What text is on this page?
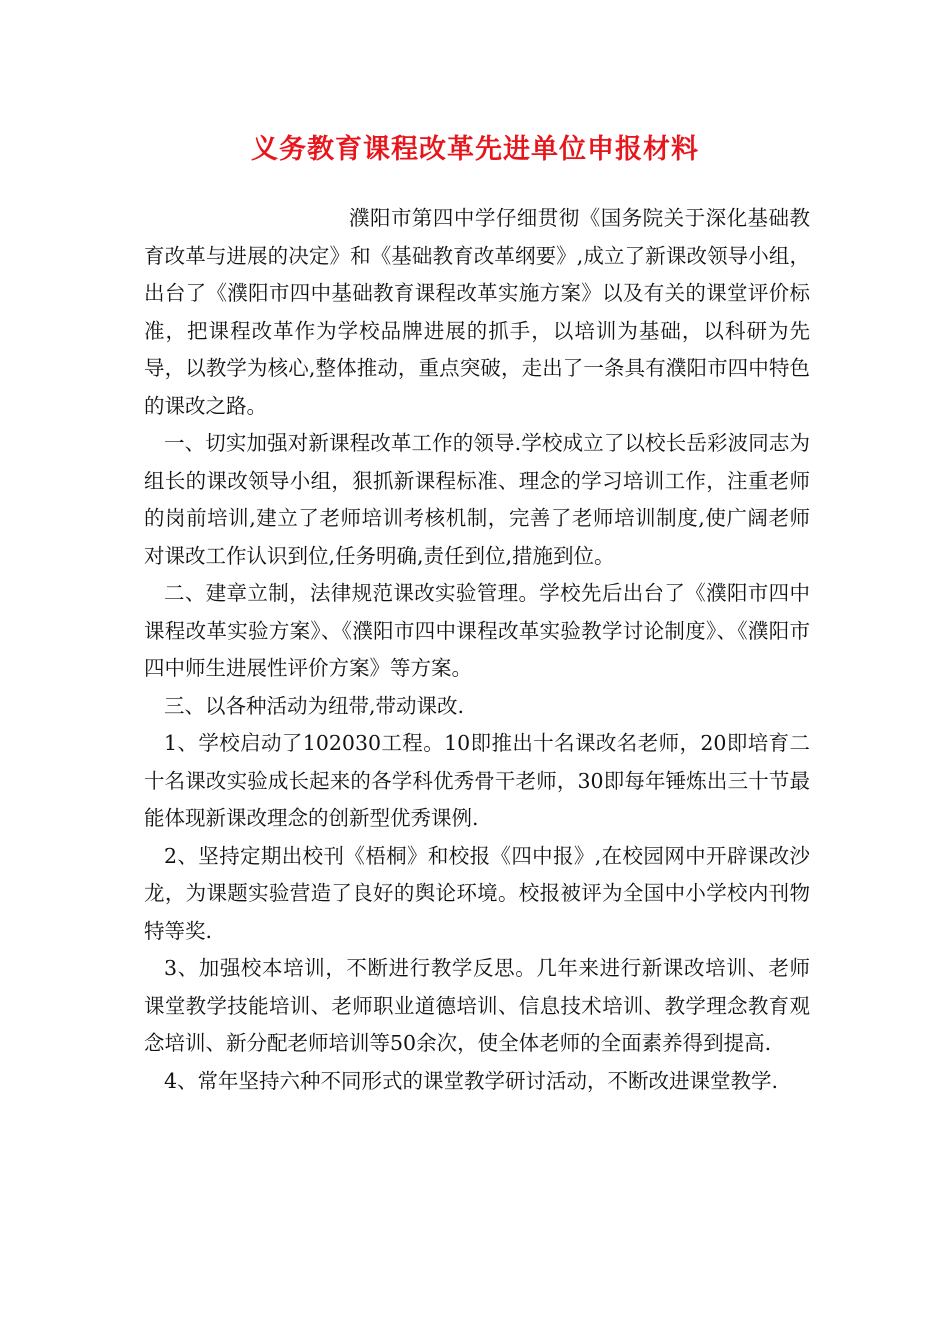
义务教育课程改革先进单位申报材料

濮阳市第四中学仔细贯彻《国务院关于深化基础教育改革与进展的决定》和《基础教育改革纲要》,成立了新课改领导小组，出台了《濮阳市四中基础教育课程改革实施方案》以及有关的课堂评价标准，把课程改革作为学校品牌进展的抓手，以培训为基础，以科研为先导，以教学为核心,整体推动，重点突破，走出了一条具有濮阳市四中特色的课改之路。

一、切实加强对新课程改革工作的领导.学校成立了以校长岳彩波同志为组长的课改领导小组，狠抓新课程标准、理念的学习培训工作，注重老师的岗前培训,建立了老师培训考核机制，完善了老师培训制度,使广阔老师对课改工作认识到位,任务明确,责任到位,措施到位。

二、建章立制，法律规范课改实验管理。学校先后出台了《濮阳市四中课程改革实验方案》、《濮阳市四中课程改革实验教学讨论制度》、《濮阳市四中师生进展性评价方案》等方案。

三、以各种活动为纽带,带动课改.

1、学校启动了102030工程。10即推出十名课改名老师，20即培育二十名课改实验成长起来的各学科优秀骨干老师，30即每年锤炼出三十节最能体现新课改理念的创新型优秀课例.

2、坚持定期出校刊《梧桐》和校报《四中报》,在校园网中开辟课改沙龙，为课题实验营造了良好的舆论环境。校报被评为全国中小学校内刊物特等奖.

3、加强校本培训，不断进行教学反思。几年来进行新课改培训、老师课堂教学技能培训、老师职业道德培训、信息技术培训、教学理念教育观念培训、新分配老师培训等50余次，使全体老师的全面素养得到提高.

4、常年坚持六种不同形式的课堂教学研讨活动，不断改进课堂教学.
